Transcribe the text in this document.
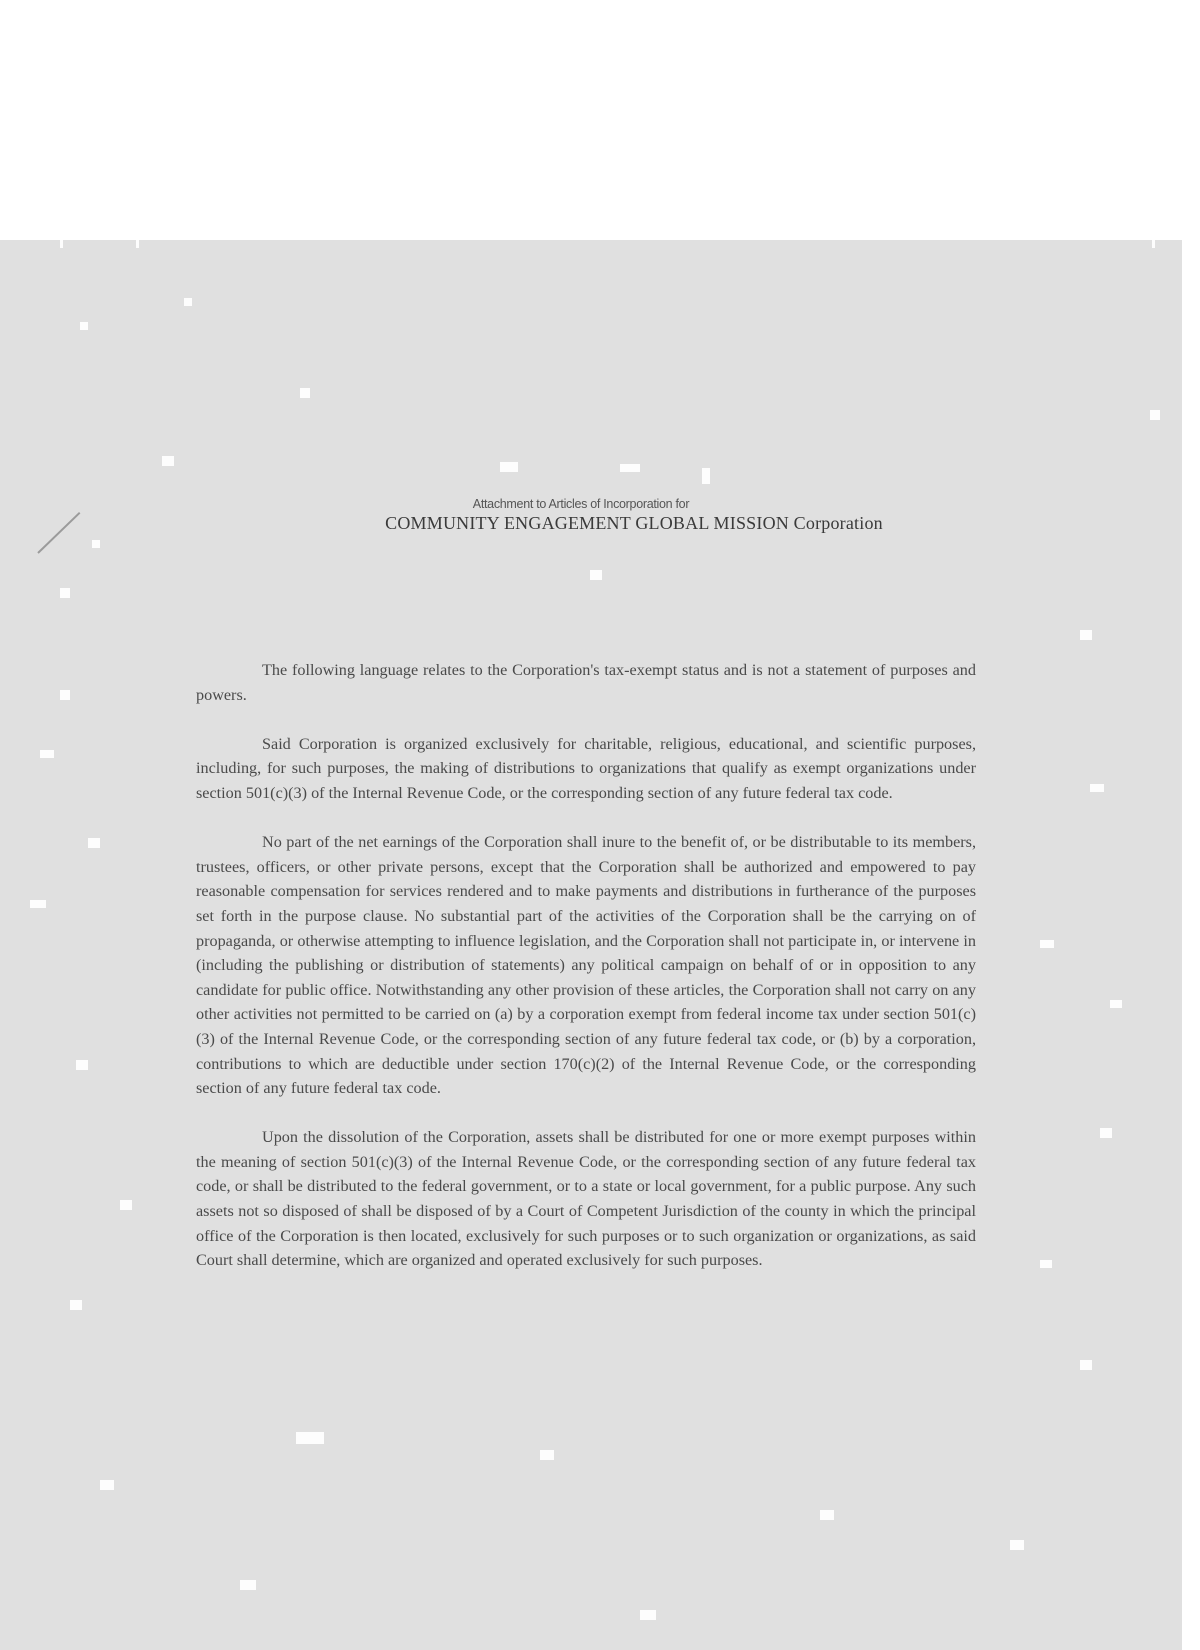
Attachment to Articles of Incorporation for
COMMUNITY ENGAGEMENT GLOBAL MISSION Corporation

The following language relates to the Corporation's tax-exempt status and is not a statement of purposes and powers.

Said Corporation is organized exclusively for charitable, religious, educational, and scientific purposes, including, for such purposes, the making of distributions to organizations that qualify as exempt organizations under section 501(c)(3) of the Internal Revenue Code, or the corresponding section of any future federal tax code.

No part of the net earnings of the Corporation shall inure to the benefit of, or be distributable to its members, trustees, officers, or other private persons, except that the Corporation shall be authorized and empowered to pay reasonable compensation for services rendered and to make payments and distributions in furtherance of the purposes set forth in the purpose clause. No substantial part of the activities of the Corporation shall be the carrying on of propaganda, or otherwise attempting to influence legislation, and the Corporation shall not participate in, or intervene in (including the publishing or distribution of statements) any political campaign on behalf of or in opposition to any candidate for public office. Notwithstanding any other provision of these articles, the Corporation shall not carry on any other activities not permitted to be carried on (a) by a corporation exempt from federal income tax under section 501(c)(3) of the Internal Revenue Code, or the corresponding section of any future federal tax code, or (b) by a corporation, contributions to which are deductible under section 170(c)(2) of the Internal Revenue Code, or the corresponding section of any future federal tax code.

Upon the dissolution of the Corporation, assets shall be distributed for one or more exempt purposes within the meaning of section 501(c)(3) of the Internal Revenue Code, or the corresponding section of any future federal tax code, or shall be distributed to the federal government, or to a state or local government, for a public purpose. Any such assets not so disposed of shall be disposed of by a Court of Competent Jurisdiction of the county in which the principal office of the Corporation is then located, exclusively for such purposes or to such organization or organizations, as said Court shall determine, which are organized and operated exclusively for such purposes.
